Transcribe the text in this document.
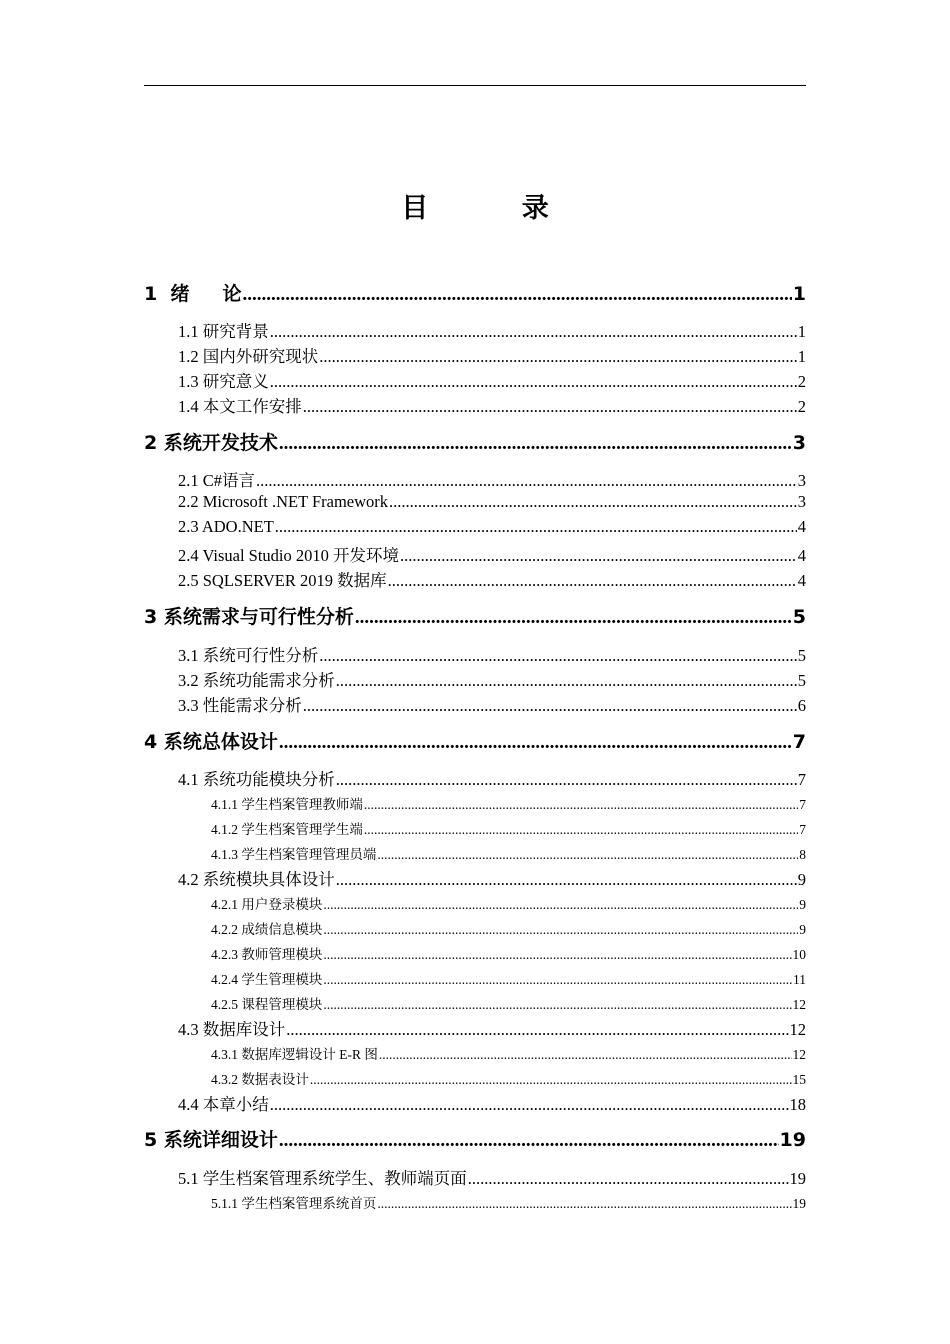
目 录
1  绪     论 .....	1
1.1 研究背景 .....	1
1.2 国内外研究现状 .....	1
1.3 研究意义 .....	2
1.4 本文工作安排 .....	2
2 系统开发技术 .....	3
2.1 C#语言 .....	3
2.2 Microsoft .NET Framework .....	3
2.3 ADO.NET .....	4
2.4 Visual Studio 2010 开发环境 .....	4
2.5 SQLSERVER 2019 数据库 .....	4
3 系统需求与可行性分析 .....	5
3.1 系统可行性分析 .....	5
3.2 系统功能需求分析 .....	5
3.3 性能需求分析 .....	6
4 系统总体设计 .....	7
4.1 系统功能模块分析 .....	7
4.1.1 学生档案管理教师端 .....	7
4.1.2 学生档案管理学生端 .....	7
4.1.3 学生档案管理管理员端 .....	8
4.2 系统模块具体设计 .....	9
4.2.1 用户登录模块 .....	9
4.2.2 成绩信息模块 .....	9
4.2.3 教师管理模块 .....	10
4.2.4 学生管理模块 .....	11
4.2.5 课程管理模块 .....	12
4.3 数据库设计 .....	12
4.3.1 数据库逻辑设计 E-R 图 .....	12
4.3.2 数据表设计 .....	15
4.4 本章小结 .....	18
5 系统详细设计 .....	19
5.1 学生档案管理系统学生、教师端页面 .....	19
5.1.1 学生档案管理系统首页 .....	19
